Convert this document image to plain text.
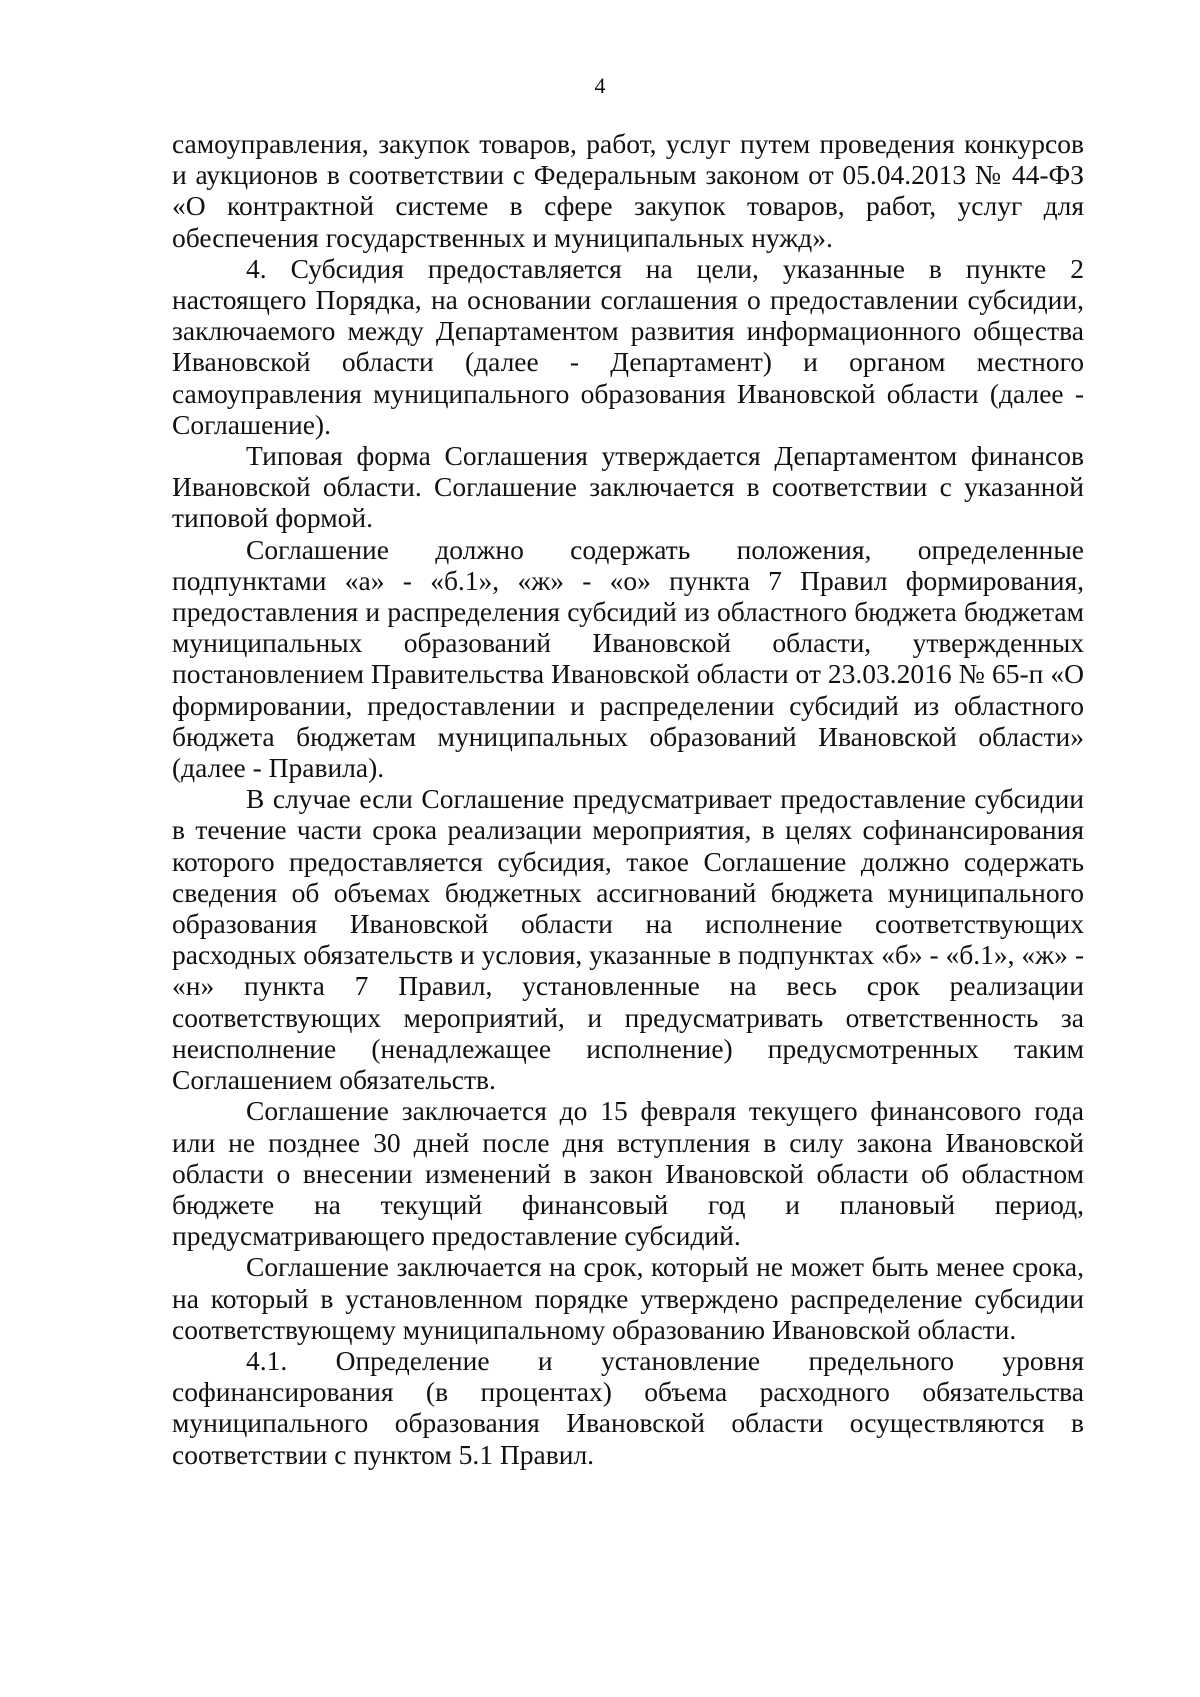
4

самоуправления, закупок товаров, работ, услуг путем проведения конкурсов и аукционов в соответствии с Федеральным законом от 05.04.2013 № 44-ФЗ «О контрактной системе в сфере закупок товаров, работ, услуг для обеспечения государственных и муниципальных нужд».

4. Субсидия предоставляется на цели, указанные в пункте 2 настоящего Порядка, на основании соглашения о предоставлении субсидии, заключаемого между Департаментом развития информационного общества Ивановской области (далее - Департамент) и органом местного самоуправления муниципального образования Ивановской области (далее - Соглашение).

Типовая форма Соглашения утверждается Департаментом финансов Ивановской области. Соглашение заключается в соответствии с указанной типовой формой.

Соглашение должно содержать положения, определенные подпунктами «а» - «б.1», «ж» - «о» пункта 7 Правил формирования, предоставления и распределения субсидий из областного бюджета бюджетам муниципальных образований Ивановской области, утвержденных постановлением Правительства Ивановской области от 23.03.2016 № 65-п «О формировании, предоставлении и распределении субсидий из областного бюджета бюджетам муниципальных образований Ивановской области» (далее - Правила).

В случае если Соглашение предусматривает предоставление субсидии в течение части срока реализации мероприятия, в целях софинансирования которого предоставляется субсидия, такое Соглашение должно содержать сведения об объемах бюджетных ассигнований бюджета муниципального образования Ивановской области на исполнение соответствующих расходных обязательств и условия, указанные в подпунктах «б» - «б.1», «ж» - «н» пункта 7 Правил, установленные на весь срок реализации соответствующих мероприятий, и предусматривать ответственность за неисполнение (ненадлежащее исполнение) предусмотренных таким Соглашением обязательств.

Соглашение заключается до 15 февраля текущего финансового года или не позднее 30 дней после дня вступления в силу закона Ивановской области о внесении изменений в закон Ивановской области об областном бюджете на текущий финансовый год и плановый период, предусматривающего предоставление субсидий.

Соглашение заключается на срок, который не может быть менее срока, на который в установленном порядке утверждено распределение субсидии соответствующему муниципальному образованию Ивановской области.

4.1. Определение и установление предельного уровня софинансирования (в процентах) объема расходного обязательства муниципального образования Ивановской области осуществляются в соответствии с пунктом 5.1 Правил.
